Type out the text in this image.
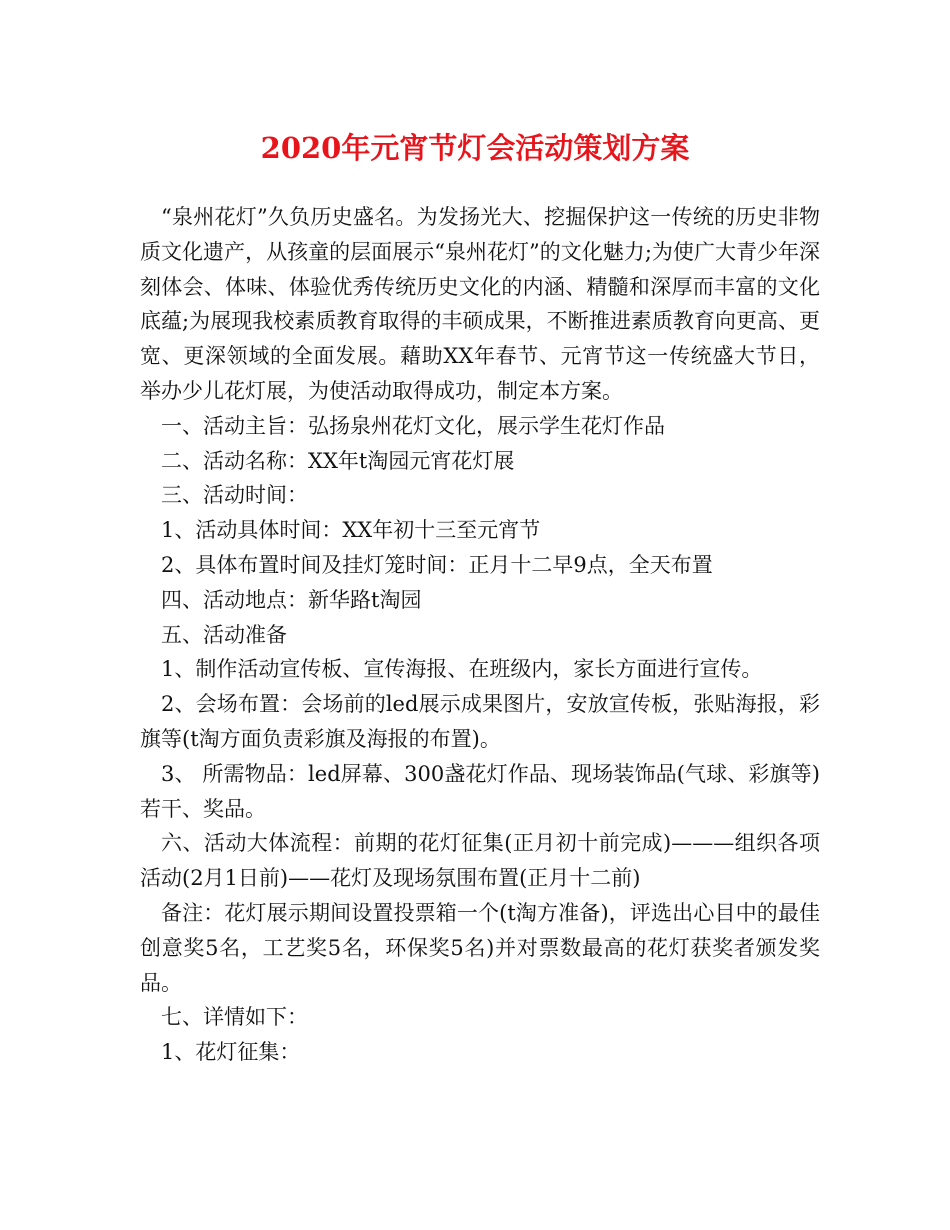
2020年元宵节灯会活动策划方案

“泉州花灯”久负历史盛名。为发扬光大、挖掘保护这一传统的历史非物质文化遗产，从孩童的层面展示“泉州花灯”的文化魅力;为使广大青少年深刻体会、体味、体验优秀传统历史文化的内涵、精髓和深厚而丰富的文化底蕴;为展现我校素质教育取得的丰硕成果，不断推进素质教育向更高、更宽、更深领域的全面发展。藉助XX年春节、元宵节这一传统盛大节日，举办少儿花灯展，为使活动取得成功，制定本方案。

一、活动主旨：弘扬泉州花灯文化，展示学生花灯作品

二、活动名称：XX年t淘园元宵花灯展

三、活动时间：

1、活动具体时间：XX年初十三至元宵节

2、具体布置时间及挂灯笼时间：正月十二早9点，全天布置

四、活动地点：新华路t淘园

五、活动准备

1、制作活动宣传板、宣传海报、在班级内，家长方面进行宣传。

2、会场布置：会场前的led展示成果图片，安放宣传板，张贴海报，彩旗等(t淘方面负责彩旗及海报的布置)。

3、 所需物品：led屏幕、300盏花灯作品、现场装饰品(气球、彩旗等)若干、奖品。

六、活动大体流程：前期的花灯征集(正月初十前完成)———组织各项活动(2月1日前)——花灯及现场氛围布置(正月十二前)

备注：花灯展示期间设置投票箱一个(t淘方准备)，评选出心目中的最佳创意奖5名，工艺奖5名，环保奖5名)并对票数最高的花灯获奖者颁发奖品。

七、详情如下：

1、花灯征集：
